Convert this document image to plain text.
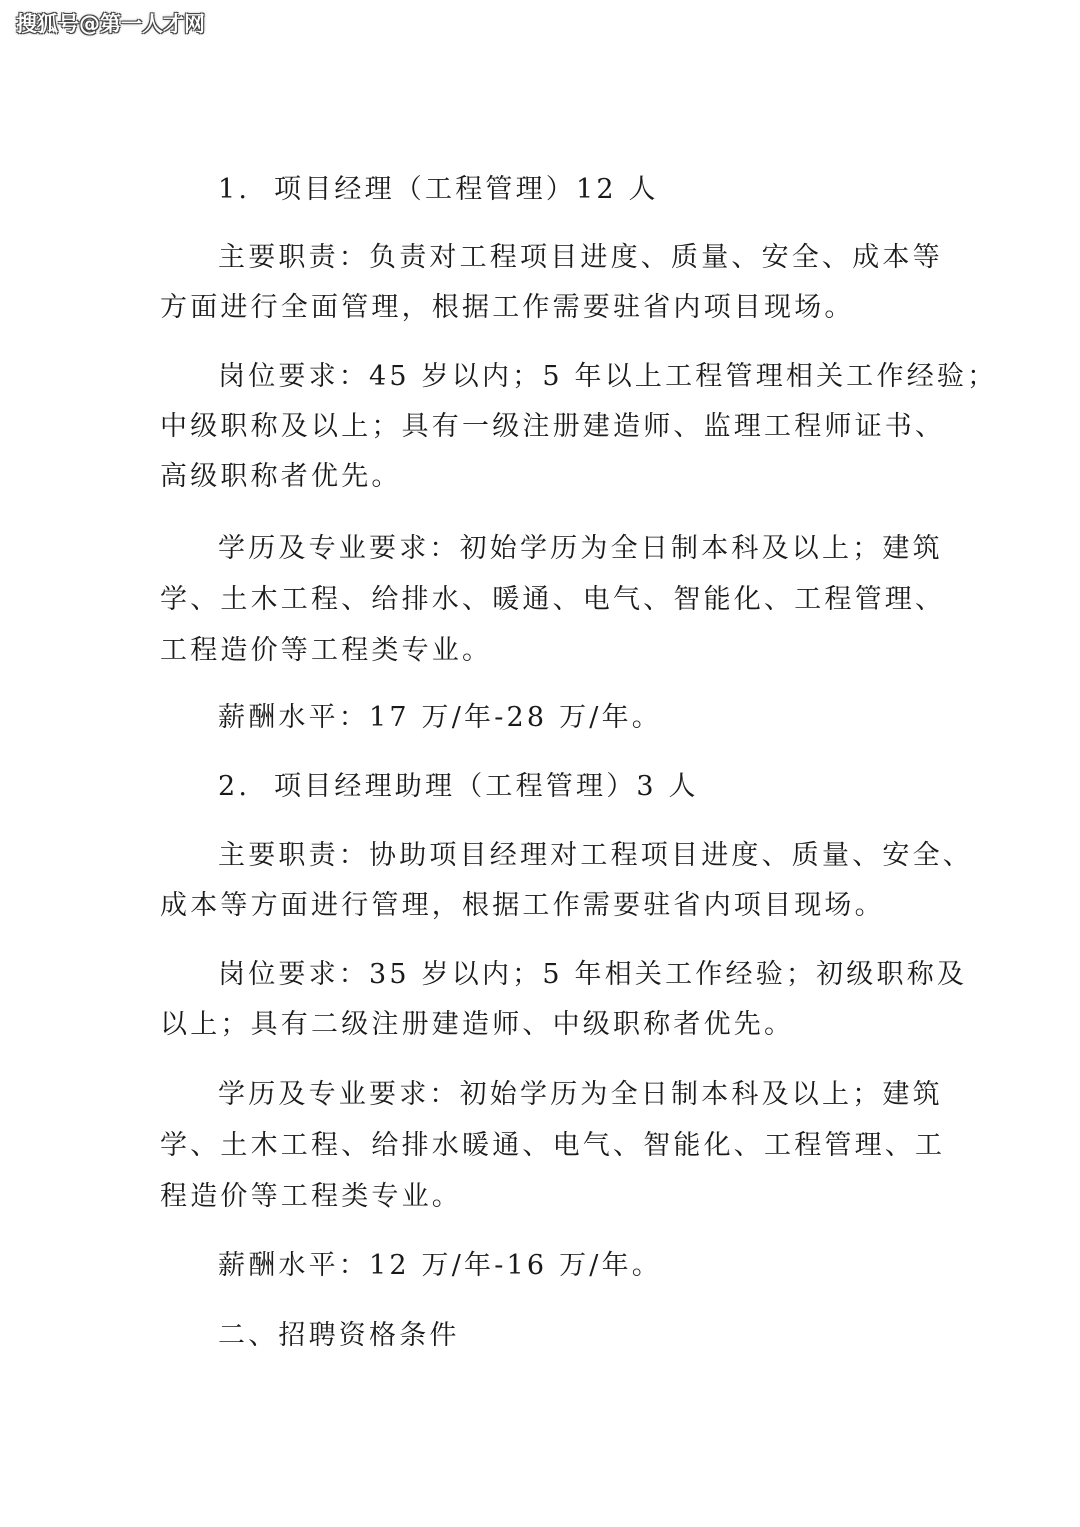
搜狐号@第一人才网
1. 项目经理（工程管理）12 人
主要职责：负责对工程项目进度、质量、安全、成本等
方面进行全面管理，根据工作需要驻省内项目现场。
岗位要求：45 岁以内；5 年以上工程管理相关工作经验；
中级职称及以上；具有一级注册建造师、监理工程师证书、
高级职称者优先。
学历及专业要求：初始学历为全日制本科及以上；建筑
学、土木工程、给排水、暖通、电气、智能化、工程管理、
工程造价等工程类专业。
薪酬水平：17 万/年-28 万/年。
2. 项目经理助理（工程管理）3 人
主要职责：协助项目经理对工程项目进度、质量、安全、
成本等方面进行管理，根据工作需要驻省内项目现场。
岗位要求：35 岁以内；5 年相关工作经验；初级职称及
以上；具有二级注册建造师、中级职称者优先。
学历及专业要求：初始学历为全日制本科及以上；建筑
学、土木工程、给排水暖通、电气、智能化、工程管理、工
程造价等工程类专业。
薪酬水平：12 万/年-16 万/年。
二、招聘资格条件
